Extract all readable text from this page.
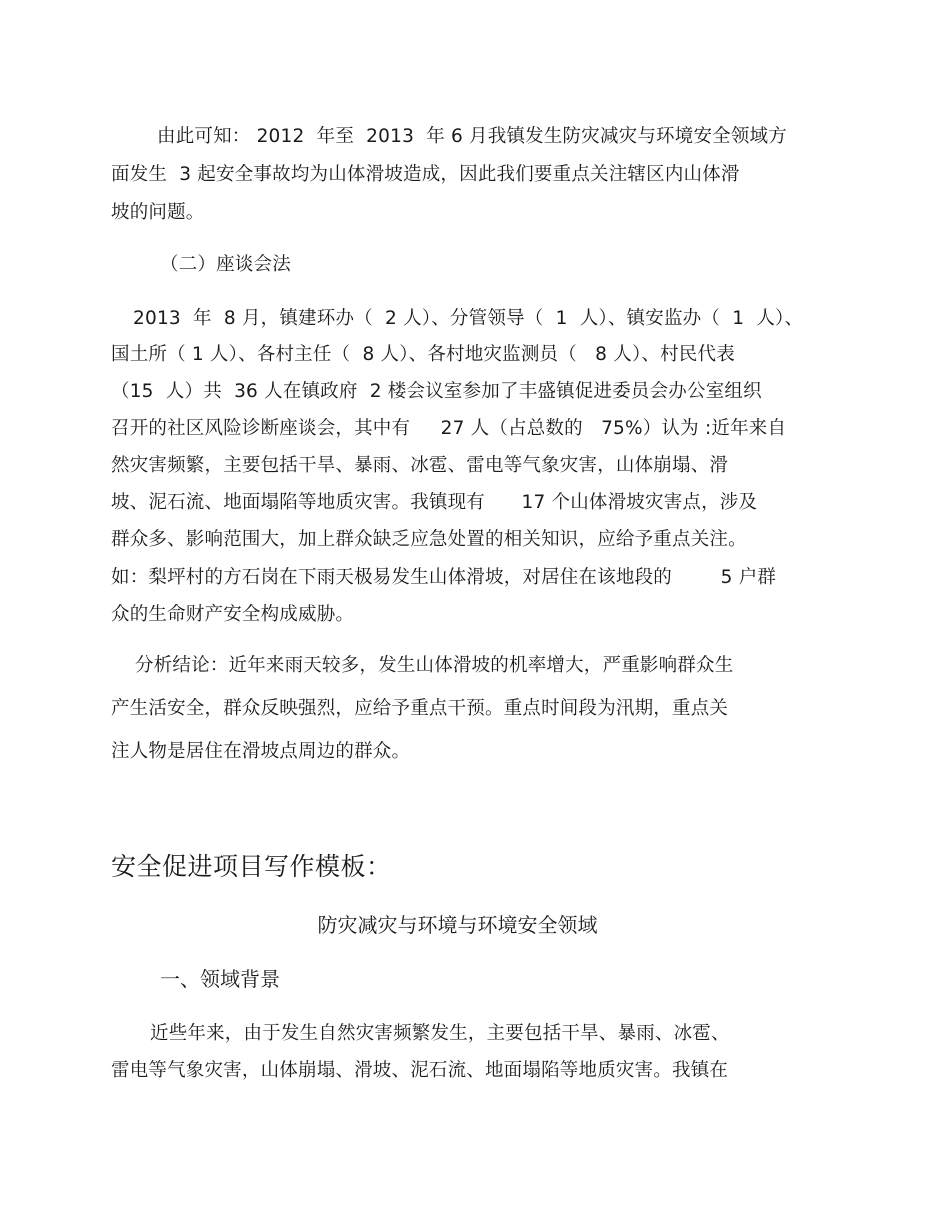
由此可知： 2012  年至  2013  年 6 月我镇发生防灾减灾与环境安全领域方
面发生  3 起安全事故均为山体滑坡造成，因此我们要重点关注辖区内山体滑
坡的问题。
（二）座谈会法
2013  年  8 月，镇建环办（  2 人）、分管领导（  1  人）、镇安监办（  1  人）、
国土所（ 1 人）、各村主任（  8 人）、各村地灾监测员（   8 人）、村民代表
（15  人）共  36 人在镇政府  2 楼会议室参加了丰盛镇促进委员会办公室组织
召开的社区风险诊断座谈会，其中有     27 人（占总数的   75%）认为 :近年来自
然灾害频繁，主要包括干旱、暴雨、冰雹、雷电等气象灾害，山体崩塌、滑
坡、泥石流、地面塌陷等地质灾害。我镇现有      17 个山体滑坡灾害点，涉及
群众多、影响范围大，加上群众缺乏应急处置的相关知识，应给予重点关注。
如：梨坪村的方石岗在下雨天极易发生山体滑坡，对居住在该地段的        5 户群
众的生命财产安全构成威胁。
分析结论：近年来雨天较多，发生山体滑坡的机率增大，严重影响群众生
产生活安全，群众反映强烈，应给予重点干预。重点时间段为汛期，重点关
注人物是居住在滑坡点周边的群众。
安全促进项目写作模板：
防灾减灾与环境与环境安全领域
一、领域背景
近些年来，由于发生自然灾害频繁发生，主要包括干旱、暴雨、冰雹、
雷电等气象灾害，山体崩塌、滑坡、泥石流、地面塌陷等地质灾害。我镇在
